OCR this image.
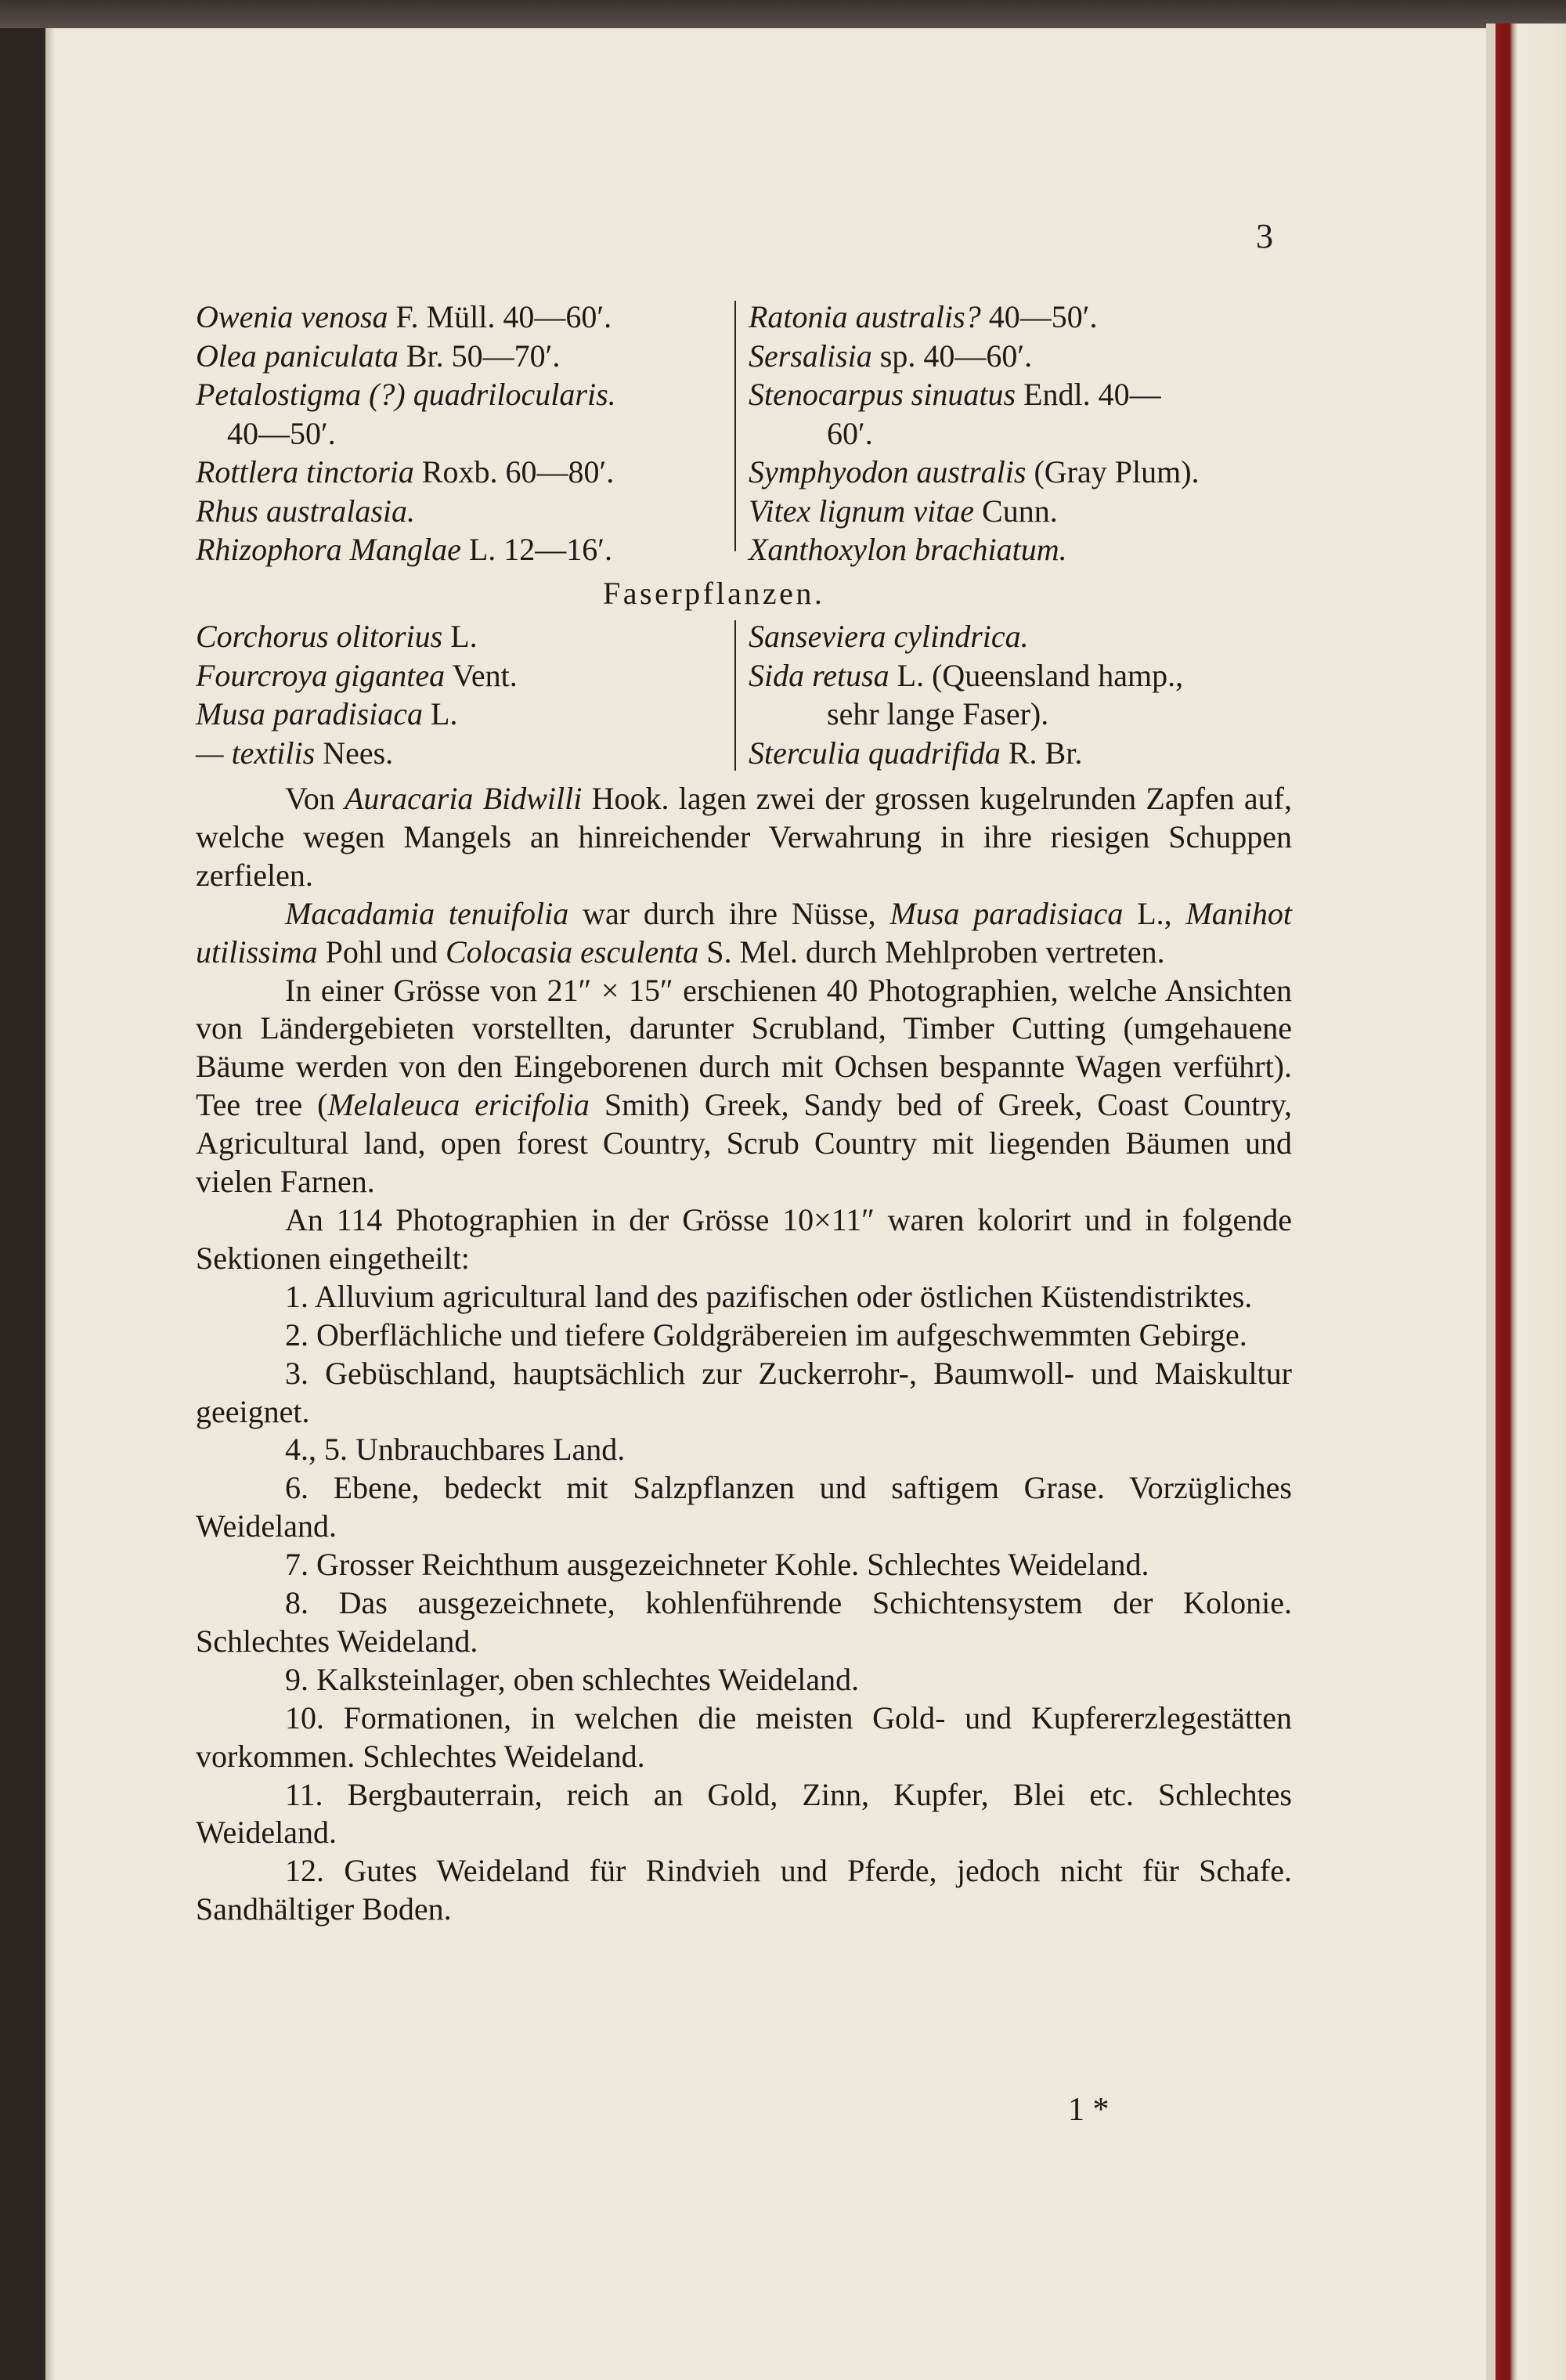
3
Owenia venosa F. Müll. 40—60′.
Olea paniculata Br. 50—70′.
Petalostigma (?) quadrilocularis.
40—50′.
Rottlera tinctoria Roxb. 60—80′.
Rhus australasia.
Rhizophora Manglae L. 12—16′.
Ratonia australis? 40—50′.
Sersalisia sp. 40—60′.
Stenocarpus sinuatus Endl. 40—
60′.
Symphyodon australis (Gray Plum).
Vitex lignum vitae Cunn.
Xanthoxylon brachiatum.
Faserpflanzen.
Corchorus olitorius L.
Fourcroya gigantea Vent.
Musa paradisiaca L.
— textilis Nees.
Sanseviera cylindrica.
Sida retusa L. (Queensland hamp.,
sehr lange Faser).
Sterculia quadrifida R. Br.

Von Auracaria Bidwilli Hook. lagen zwei der grossen kugelrunden Zapfen auf, welche wegen Mangels an hinreichender Verwahrung in ihre riesigen Schuppen zerfielen.

Macadamia tenuifolia war durch ihre Nüsse, Musa paradisiaca L., Manihot utilissima Pohl und Colocasia esculenta S. Mel. durch Mehlproben vertreten.

In einer Grösse von 21″ × 15″ erschienen 40 Photographien, welche Ansichten von Ländergebieten vorstellten, darunter Scrubland, Timber Cutting (umgehauene Bäume werden von den Eingeborenen durch mit Ochsen bespannte Wagen verführt). Tee tree (Melaleuca ericifolia Smith) Greek, Sandy bed of Greek, Coast Country, Agricultural land, open forest Country, Scrub Country mit liegenden Bäumen und vielen Farnen.

An 114 Photographien in der Grösse 10×11″ waren kolorirt und in folgende Sektionen eingetheilt:

1. Alluvium agricultural land des pazifischen oder östlichen Küstendistriktes.

2. Oberflächliche und tiefere Goldgräbereien im aufgeschwemmten Gebirge.

3. Gebüschland, hauptsächlich zur Zuckerrohr-, Baumwoll- und Maiskultur geeignet.

4., 5. Unbrauchbares Land.

6. Ebene, bedeckt mit Salzpflanzen und saftigem Grase. Vorzügliches Weideland.

7. Grosser Reichthum ausgezeichneter Kohle. Schlechtes Weideland.

8. Das ausgezeichnete, kohlenführende Schichtensystem der Kolonie. Schlechtes Weideland.

9. Kalksteinlager, oben schlechtes Weideland.

10. Formationen, in welchen die meisten Gold- und Kupfererzlegestätten vorkommen. Schlechtes Weideland.

11. Bergbauterrain, reich an Gold, Zinn, Kupfer, Blei etc. Schlechtes Weideland.

12. Gutes Weideland für Rindvieh und Pferde, jedoch nicht für Schafe. Sandhältiger Boden.

1 *
